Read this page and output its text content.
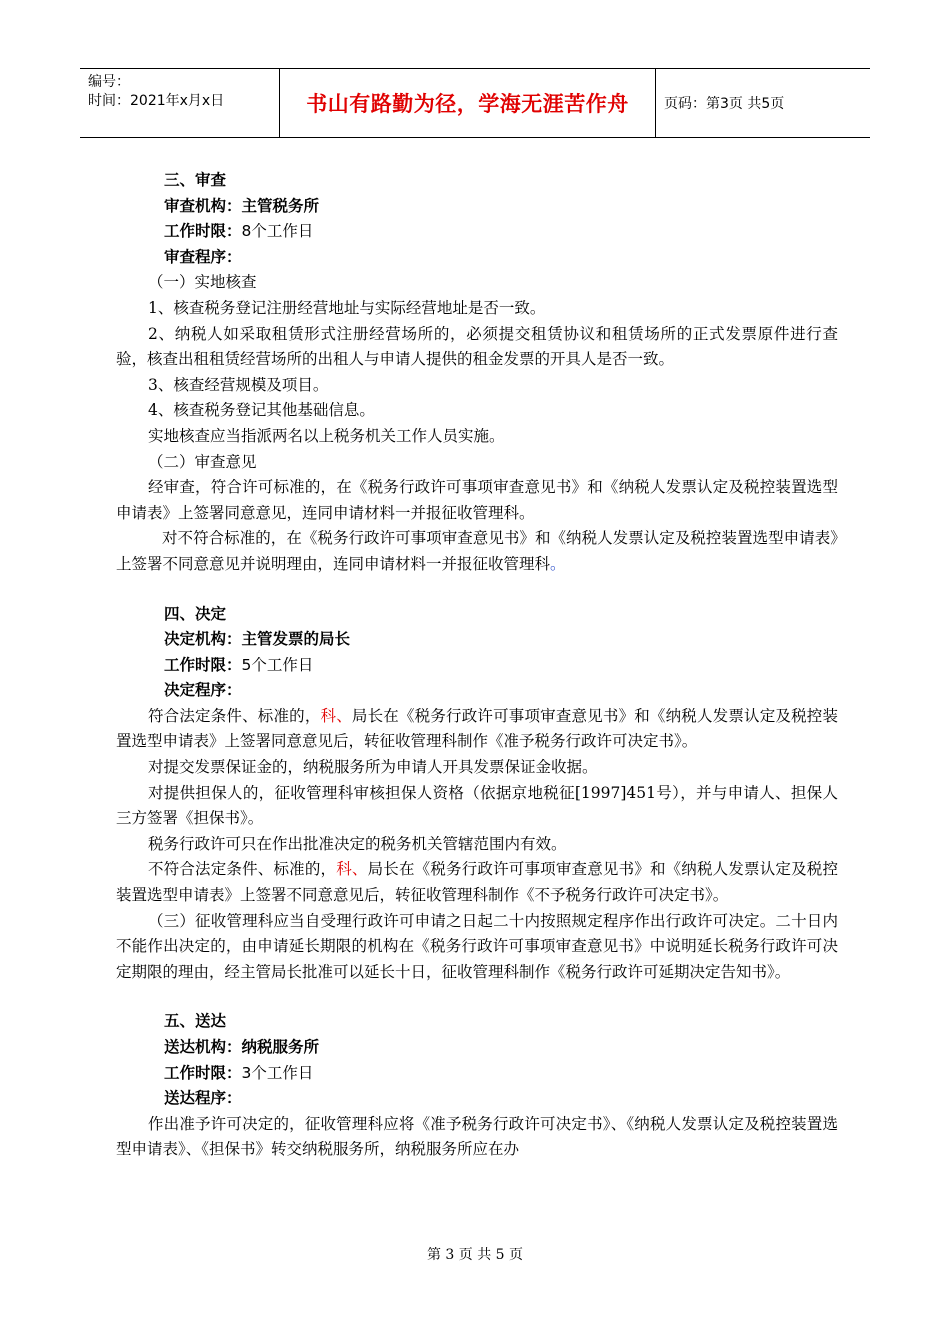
编号：
时间：2021年x月x日	书山有路勤为径，学海无涯苦作舟	页码：第3页 共5页
三、审查
审查机构：主管税务所
工作时限：8个工作日
审查程序：
（一）实地核查
1、核查税务登记注册经营地址与实际经营地址是否一致。
2、纳税人如采取租赁形式注册经营场所的，必须提交租赁协议和租赁场所的正式发票原件进行查验，核查出租租赁经营场所的出租人与申请人提供的租金发票的开具人是否一致。
3、核查经营规模及项目。
4、核查税务登记其他基础信息。
实地核查应当指派两名以上税务机关工作人员实施。
（二）审查意见
经审查，符合许可标准的，在《税务行政许可事项审查意见书》和《纳税人发票认定及税控装置选型申请表》上签署同意意见，连同申请材料一并报征收管理科。
对不符合标准的，在《税务行政许可事项审查意见书》和《纳税人发票认定及税控装置选型申请表》上签署不同意意见并说明理由，连同申请材料一并报征收管理科。
四、决定
决定机构：主管发票的局长
工作时限：5个工作日
决定程序：
符合法定条件、标准的，科、局长在《税务行政许可事项审查意见书》和《纳税人发票认定及税控装置选型申请表》上签署同意意见后，转征收管理科制作《准予税务行政许可决定书》。
对提交发票保证金的，纳税服务所为申请人开具发票保证金收据。
对提供担保人的，征收管理科审核担保人资格（依据京地税征[1997]451号），并与申请人、担保人三方签署《担保书》。
税务行政许可只在作出批准决定的税务机关管辖范围内有效。
不符合法定条件、标准的，科、局长在《税务行政许可事项审查意见书》和《纳税人发票认定及税控装置选型申请表》上签署不同意意见后，转征收管理科制作《不予税务行政许可决定书》。
（三）征收管理科应当自受理行政许可申请之日起二十内按照规定程序作出行政许可决定。二十日内不能作出决定的，由申请延长期限的机构在《税务行政许可事项审查意见书》中说明延长税务行政许可决定期限的理由，经主管局长批准可以延长十日，征收管理科制作《税务行政许可延期决定告知书》。
五、送达
送达机构：纳税服务所
工作时限：3个工作日
送达程序：
作出准予许可决定的，征收管理科应将《准予税务行政许可决定书》、《纳税人发票认定及税控装置选型申请表》、《担保书》转交纳税服务所，纳税服务所应在办
第 3 页 共 5 页
